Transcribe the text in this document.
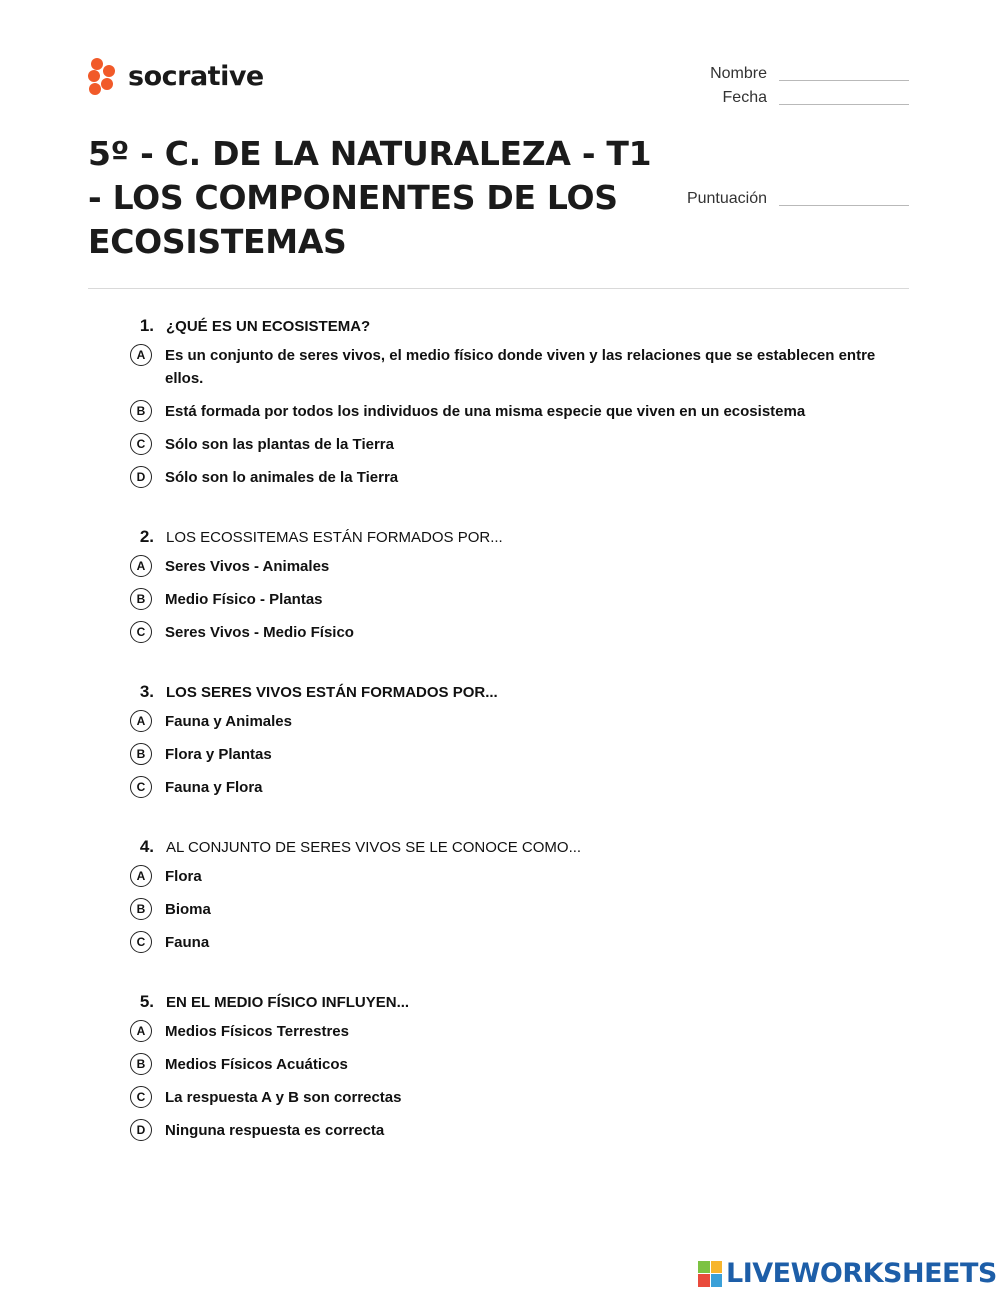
socrative	Nombre
Fecha
Puntuación
5º - C. DE LA NATURALEZA - T1 - LOS COMPONENTES DE LOS ECOSISTEMAS
1. ¿QUÉ ES UN ECOSISTEMA?
A	Es un conjunto de seres vivos, el medio físico donde viven y las relaciones que se establecen entre ellos.
B	Está formada por todos los individuos de una misma especie que viven en un ecosistema
C	Sólo son las plantas de la Tierra
D	Sólo son lo animales de la Tierra
2. LOS ECOSSITEMAS ESTÁN FORMADOS POR...
A	Seres Vivos - Animales
B	Medio Físico - Plantas
C	Seres Vivos - Medio Físico
3. LOS SERES VIVOS ESTÁN FORMADOS POR...
A	Fauna y Animales
B	Flora y Plantas
C	Fauna y Flora
4. AL CONJUNTO DE SERES VIVOS SE LE CONOCE COMO...
A	Flora
B	Bioma
C	Fauna
5. EN EL MEDIO FÍSICO INFLUYEN...
A	Medios Físicos Terrestres
B	Medios Físicos Acuáticos
C	La respuesta A y B son correctas
D	Ninguna respuesta es correcta
LIVEWORKSHEETS
